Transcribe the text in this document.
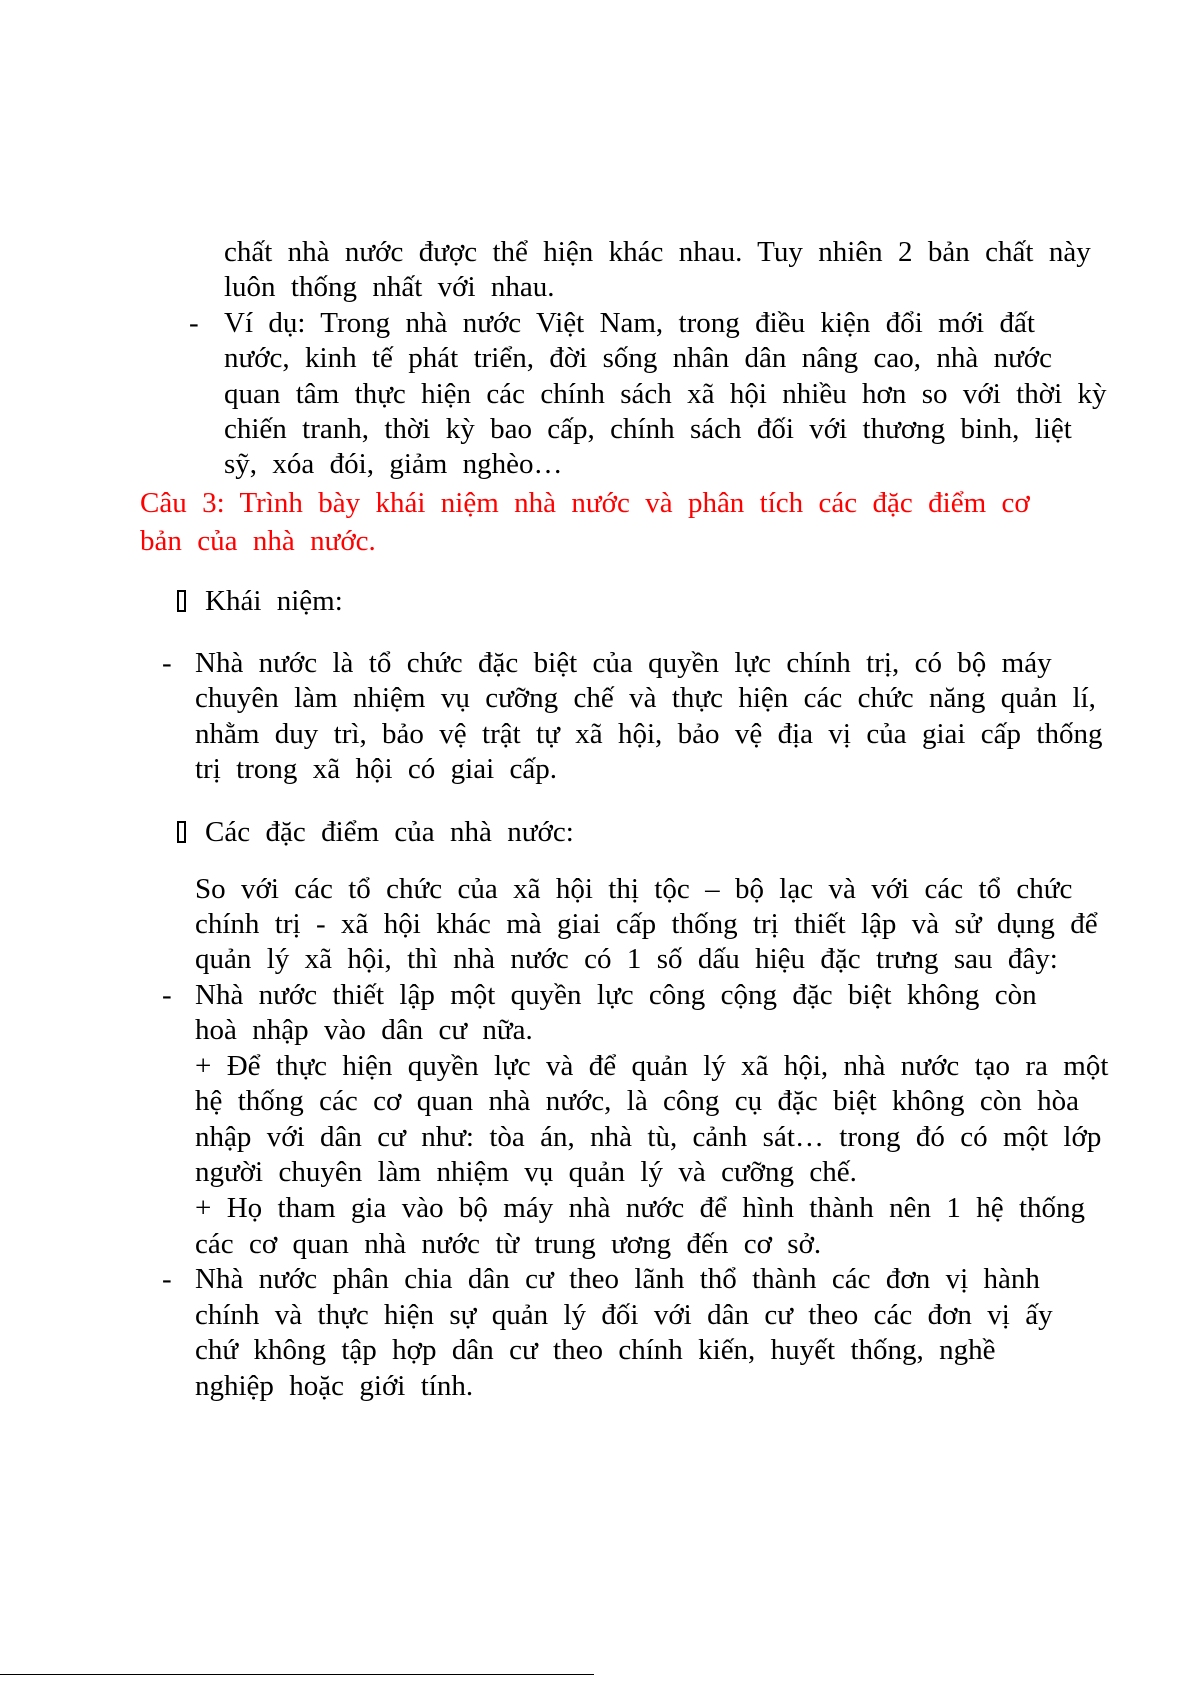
chất nhà nước được thể hiện khác nhau. Tuy nhiên 2 bản chất này
luôn thống nhất với nhau.
- Ví dụ: Trong nhà nước Việt Nam, trong điều kiện đổi mới đất
nước, kinh tế phát triển, đời sống nhân dân nâng cao, nhà nước
quan tâm thực hiện các chính sách xã hội nhiều hơn so với thời kỳ
chiến tranh, thời kỳ bao cấp, chính sách đối với thương binh, liệt
sỹ, xóa đói, giảm nghèo…
Câu 3: Trình bày khái niệm nhà nước và phân tích các đặc điểm cơ
bản của nhà nước.
Khái niệm:
- Nhà nước là tổ chức đặc biệt của quyền lực chính trị, có bộ máy
chuyên làm nhiệm vụ cưỡng chế và thực hiện các chức năng quản lí,
nhằm duy trì, bảo vệ trật tự xã hội, bảo vệ địa vị của giai cấp thống
trị trong xã hội có giai cấp.
Các đặc điểm của nhà nước:
So với các tổ chức của xã hội thị tộc – bộ lạc và với các tổ chức
chính trị - xã hội khác mà giai cấp thống trị thiết lập và sử dụng để
quản lý xã hội, thì nhà nước có 1 số dấu hiệu đặc trưng sau đây:
- Nhà nước thiết lập một quyền lực công cộng đặc biệt không còn
hoà nhập vào dân cư nữa.
+ Để thực hiện quyền lực và để quản lý xã hội, nhà nước tạo ra một
hệ thống các cơ quan nhà nước, là công cụ đặc biệt không còn hòa
nhập với dân cư như: tòa án, nhà tù, cảnh sát… trong đó có một lớp
người chuyên làm nhiệm vụ quản lý và cưỡng chế.
+ Họ tham gia vào bộ máy nhà nước để hình thành nên 1 hệ thống
các cơ quan nhà nước từ trung ương đến cơ sở.
- Nhà nước phân chia dân cư theo lãnh thổ thành các đơn vị hành
chính và thực hiện sự quản lý đối với dân cư theo các đơn vị ấy
chứ không tập hợp dân cư theo chính kiến, huyết thống, nghề
nghiệp hoặc giới tính.
